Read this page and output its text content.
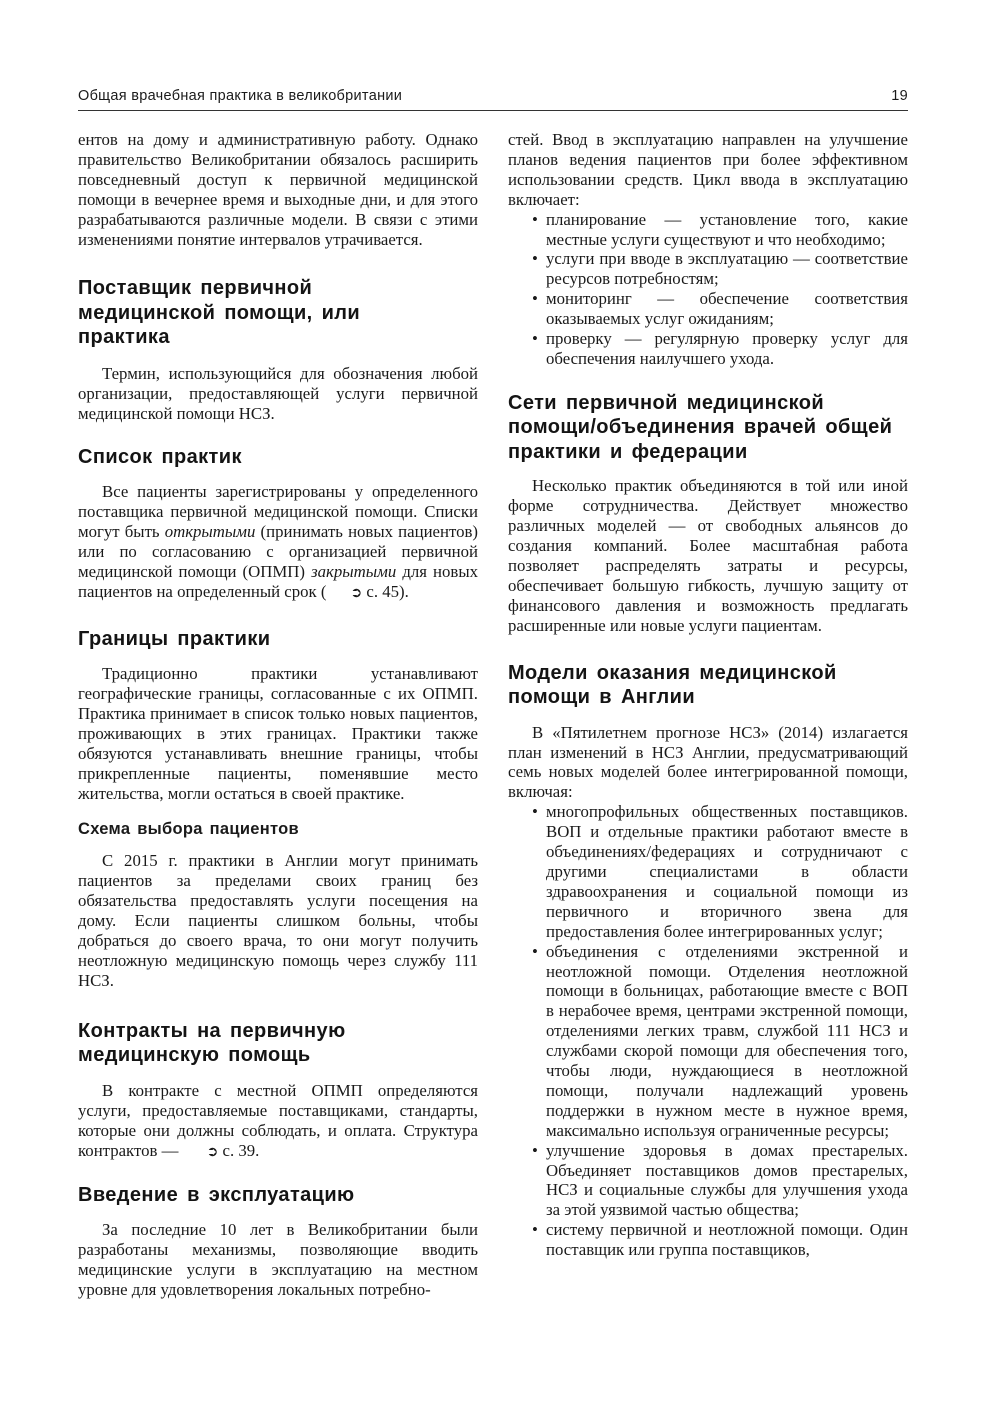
Общая врачебная практика в великобритании	19

ентов на дому и административную работу. Однако правительство Великобритании обязалось расширить повседневный доступ к первичной медицинской помощи в вечернее время и выходные дни, и для этого разрабатываются различные модели. В связи с этими изменениями понятие интервалов утрачивается.

Поставщик первичной медицинской помощи, или практика

Термин, использующийся для обозначения любой организации, предоставляющей услуги первичной медицинской помощи НСЗ.

Список практик

Все пациенты зарегистрированы у определенного поставщика первичной медицинской помощи. Списки могут быть открытыми (принимать новых пациентов) или по согласованию с организацией первичной медицинской помощи (ОПМП) закрытыми для новых пациентов на определенный срок ( ➲ с. 45).

Границы практики

Традиционно практики устанавливают географические границы, согласованные с их ОПМП. Практика принимает в список только новых пациентов, проживающих в этих границах. Практики также обязуются устанавливать внешние границы, чтобы прикрепленные пациенты, поменявшие место жительства, могли остаться в своей практике.

Схема выбора пациентов

С 2015 г. практики в Англии могут принимать пациентов за пределами своих границ без обязательства предоставлять услуги посещения на дому. Если пациенты слишком больны, чтобы добраться до своего врача, то они могут получить неотложную медицинскую помощь через службу 111 НСЗ.

Контракты на первичную медицинскую помощь

В контракте с местной ОПМП определяются услуги, предоставляемые поставщиками, стандарты, которые они должны соблюдать, и оплата. Структура контрактов — ➲ с. 39.

Введение в эксплуатацию

За последние 10 лет в Великобритании были разработаны механизмы, позволяющие вводить медицинские услуги в эксплуатацию на местном уровне для удовлетворения локальных потребно-

стей. Ввод в эксплуатацию направлен на улучшение планов ведения пациентов при более эффективном использовании средств. Цикл ввода в эксплуатацию включает:

• планирование — установление того, какие местные услуги существуют и что необходимо;
• услуги при вводе в эксплуатацию — соответствие ресурсов потребностям;
• мониторинг — обеспечение соответствия оказываемых услуг ожиданиям;
• проверку — регулярную проверку услуг для обеспечения наилучшего ухода.
Сети первичной медицинской помощи/объединения врачей общей практики и федерации

Несколько практик объединяются в той или иной форме сотрудничества. Действует множество различных моделей — от свободных альянсов до создания компаний. Более масштабная работа позволяет распределять затраты и ресурсы, обеспечивает большую гибкость, лучшую защиту от финансового давления и возможность предлагать расширенные или новые услуги пациентам.

Модели оказания медицинской помощи в Англии

В «Пятилетнем прогнозе НСЗ» (2014) излагается план изменений в НСЗ Англии, предусматривающий семь новых моделей более интегрированной помощи, включая:

• многопрофильных общественных поставщиков. ВОП и отдельные практики работают вместе в объединениях/федерациях и сотрудничают с другими специалистами в области здравоохранения и социальной помощи из первичного и вторичного звена для предоставления более интегрированных услуг;
• объединения с отделениями экстренной и неотложной помощи. Отделения неотложной помощи в больницах, работающие вместе с ВОП в нерабочее время, центрами экстренной помощи, отделениями легких травм, службой 111 НСЗ и службами скорой помощи для обеспечения того, чтобы люди, нуждающиеся в неотложной помощи, получали надлежащий уровень поддержки в нужном месте в нужное время, максимально используя ограниченные ресурсы;
• улучшение здоровья в домах престарелых. Объединяет поставщиков домов престарелых, НСЗ и социальные службы для улучшения ухода за этой уязвимой частью общества;
• систему первичной и неотложной помощи. Один поставщик или группа поставщиков,
